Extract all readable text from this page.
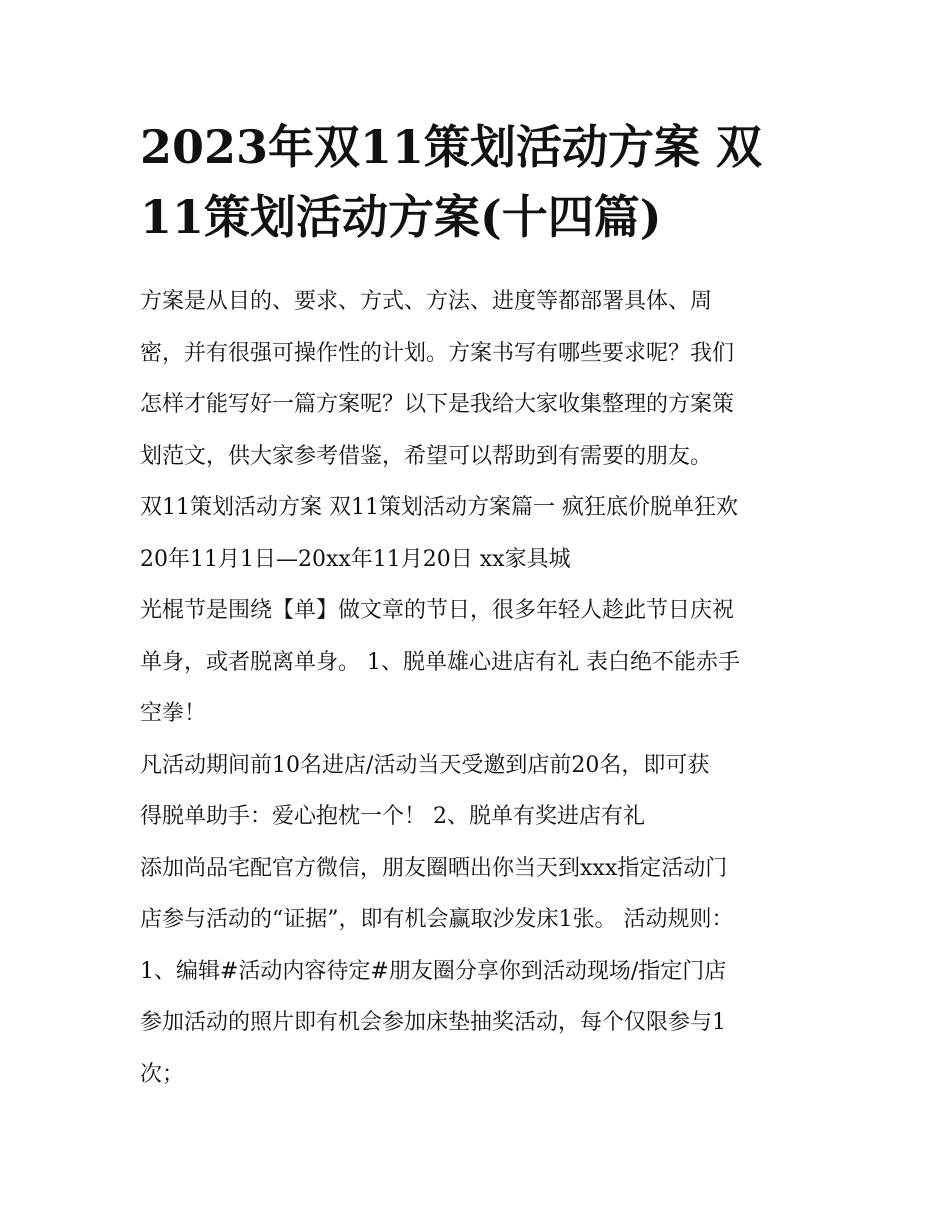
2023年双11策划活动方案 双
11策划活动方案(十四篇)
方案是从目的、要求、方式、方法、进度等都部署具体、周
密，并有很强可操作性的计划。方案书写有哪些要求呢？我们
怎样才能写好一篇方案呢？以下是我给大家收集整理的方案策
划范文，供大家参考借鉴，希望可以帮助到有需要的朋友。
双11策划活动方案 双11策划活动方案篇一 疯狂底价脱单狂欢
20年11月1日—20xx年11月20日 xx家具城
光棍节是围绕【单】做文章的节日，很多年轻人趁此节日庆祝
单身，或者脱离单身。 1、脱单雄心进店有礼 表白绝不能赤手
空拳！
凡活动期间前10名进店/活动当天受邀到店前20名，即可获
得脱单助手：爱心抱枕一个！ 2、脱单有奖进店有礼
添加尚品宅配官方微信，朋友圈晒出你当天到xxx指定活动门
店参与活动的“证据”，即有机会赢取沙发床1张。 活动规则：
1、编辑#活动内容待定#朋友圈分享你到活动现场/指定门店
参加活动的照片即有机会参加床垫抽奖活动，每个仅限参与1
次；
